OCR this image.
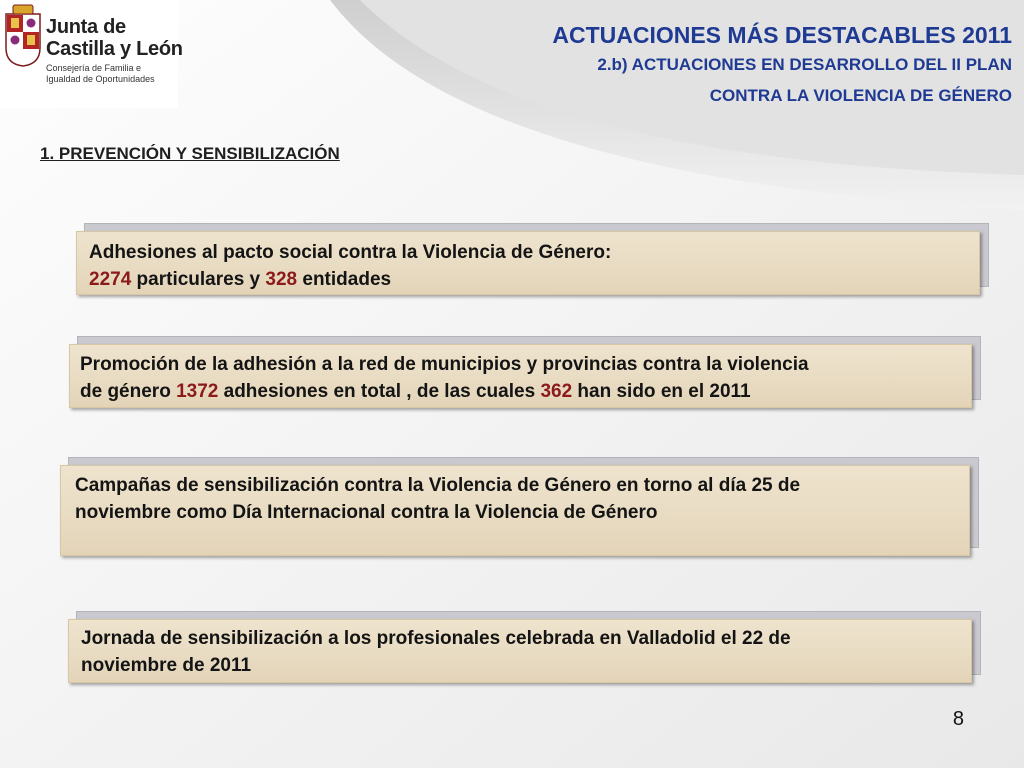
Junta de
Castilla y León
Consejería de Familia e
Igualdad de Oportunidades
ACTUACIONES MÁS DESTACABLES 2011
2.b) ACTUACIONES EN DESARROLLO DEL II PLAN
CONTRA LA VIOLENCIA DE GÉNERO
1. PREVENCIÓN Y SENSIBILIZACIÓN
Adhesiones al pacto social contra la Violencia de Género:
2274 particulares y 328 entidades
Promoción de la adhesión a la red de municipios y provincias contra la violencia
de género 1372 adhesiones en total , de las cuales 362 han sido en el 2011
Campañas de sensibilización contra la Violencia de Género en torno al día 25 de
noviembre como Día Internacional contra la Violencia de Género
Jornada de sensibilización a los profesionales celebrada en Valladolid el 22 de
noviembre de 2011
8
